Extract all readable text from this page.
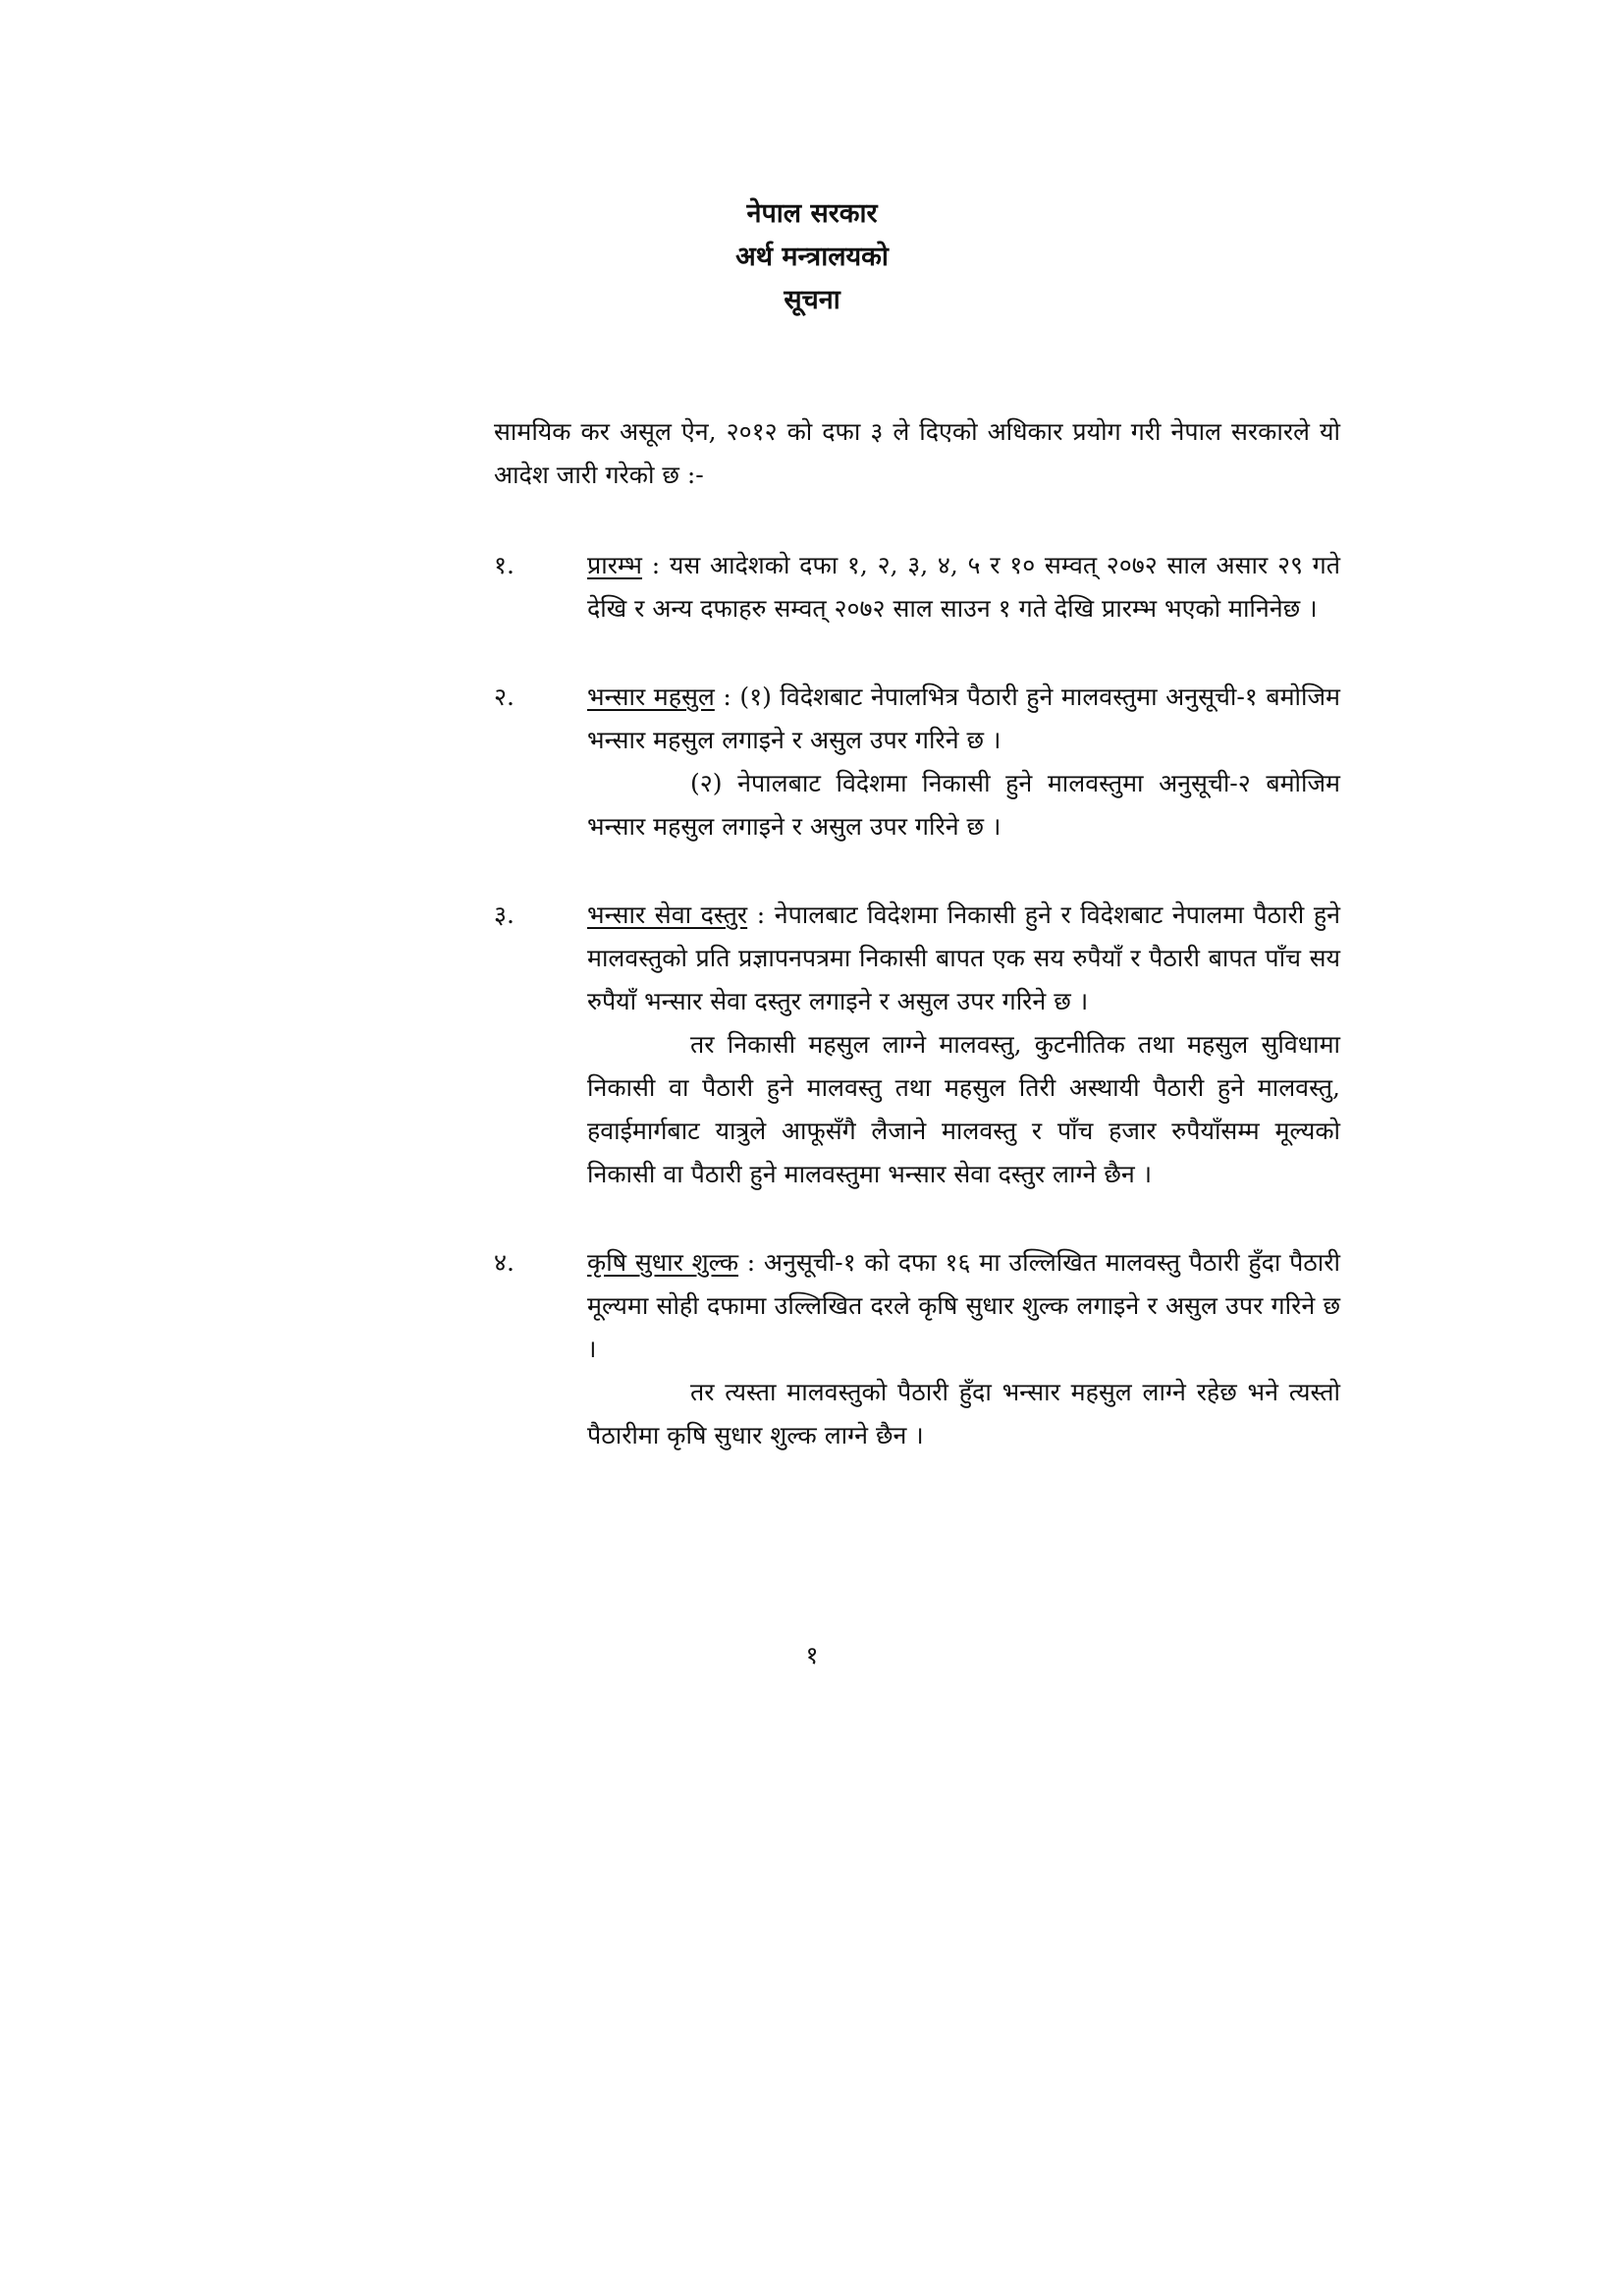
नेपाल सरकार
अर्थ मन्त्रालयको
सूचना

सामयिक कर असूल ऐन, २०१२ को दफा ३ ले दिएको अधिकार प्रयोग गरी नेपाल सरकारले यो आदेश जारी गरेको छ :-

१.	प्रारम्भ : यस आदेशको दफा १, २, ३, ४, ५ र १० सम्वत् २०७२ साल असार २९ गते देखि र अन्य दफाहरु सम्वत् २०७२ साल साउन १ गते देखि प्रारम्भ भएको मानिनेछ ।

२.	भन्सार महसुल : (१) विदेशबाट नेपालभित्र पैठारी हुने मालवस्तुमा अनुसूची-१ बमोजिम भन्सार महसुल लगाइने र असुल उपर गरिने छ ।

(२) नेपालबाट विदेशमा निकासी हुने मालवस्तुमा अनुसूची-२ बमोजिम भन्सार महसुल लगाइने र असुल उपर गरिने छ ।

३.	भन्सार सेवा दस्तुर : नेपालबाट विदेशमा निकासी हुने र विदेशबाट नेपालमा पैठारी हुने मालवस्तुको प्रति प्रज्ञापनपत्रमा निकासी बापत एक सय रुपैयाँ र पैठारी बापत पाँच सय रुपैयाँ भन्सार सेवा दस्तुर लगाइने र असुल उपर गरिने छ ।

तर निकासी महसुल लाग्ने मालवस्तु, कुटनीतिक तथा महसुल सुविधामा निकासी वा पैठारी हुने मालवस्तु तथा महसुल तिरी अस्थायी पैठारी हुने मालवस्तु, हवाईमार्गबाट यात्रुले आफूसँगै लैजाने मालवस्तु र पाँच हजार रुपैयाँसम्म मूल्यको निकासी वा पैठारी हुने मालवस्तुमा भन्सार सेवा दस्तुर लाग्ने छैन ।

४.	कृषि सुधार शुल्क : अनुसूची-१ को दफा १६ मा उल्लिखित मालवस्तु पैठारी हुँदा पैठारी मूल्यमा सोही दफामा उल्लिखित दरले कृषि सुधार शुल्क लगाइने र असुल उपर गरिने छ ।

तर त्यस्ता मालवस्तुको पैठारी हुँदा भन्सार महसुल लाग्ने रहेछ भने त्यस्तो पैठारीमा कृषि सुधार शुल्क लाग्ने छैन ।

१
